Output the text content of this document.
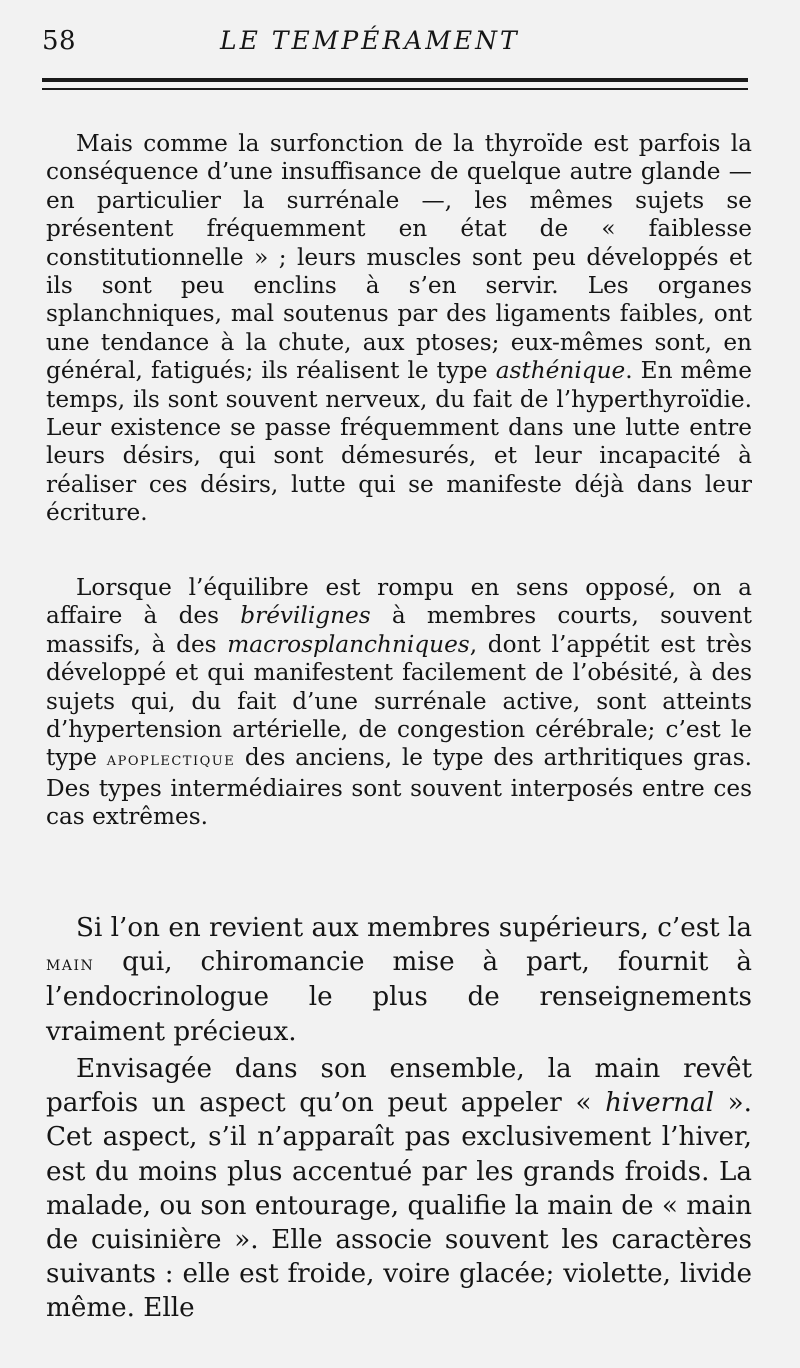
58	LE TEMPÉRAMENT

Mais comme la surfonction de la thyroïde est parfois la conséquence d’une insuffisance de quelque autre glande — en particulier la surrénale —, les mêmes sujets se présentent fréquemment en état de « faiblesse constitutionnelle » ; leurs muscles sont peu développés et ils sont peu enclins à s’en servir. Les organes splanchniques, mal soutenus par des ligaments faibles, ont une tendance à la chute, aux ptoses; eux-mêmes sont, en général, fatigués; ils réalisent le type asthénique. En même temps, ils sont souvent nerveux, du fait de l’hyperthyroïdie. Leur existence se passe fréquemment dans une lutte entre leurs désirs, qui sont démesurés, et leur incapacité à réaliser ces désirs, lutte qui se manifeste déjà dans leur écriture.

Lorsque l’équilibre est rompu en sens opposé, on a affaire à des brévilignes à membres courts, souvent massifs, à des macrosplanchniques, dont l’appétit est très développé et qui manifestent facilement de l’obésité, à des sujets qui, du fait d’une surrénale active, sont atteints d’hypertension artérielle, de congestion cérébrale; c’est le type apoplectique des anciens, le type des arthritiques gras. Des types intermédiaires sont souvent interposés entre ces cas extrêmes.

Si l’on en revient aux membres supérieurs, c’est la main qui, chiromancie mise à part, fournit à l’endocrinologue le plus de renseignements vraiment précieux.

Envisagée dans son ensemble, la main revêt parfois un aspect qu’on peut appeler « hivernal ». Cet aspect, s’il n’apparaît pas exclusivement l’hiver, est du moins plus accentué par les grands froids. La malade, ou son entourage, qualifie la main de « main de cuisinière ». Elle associe souvent les caractères suivants : elle est froide, voire glacée; violette, livide même. Elle
